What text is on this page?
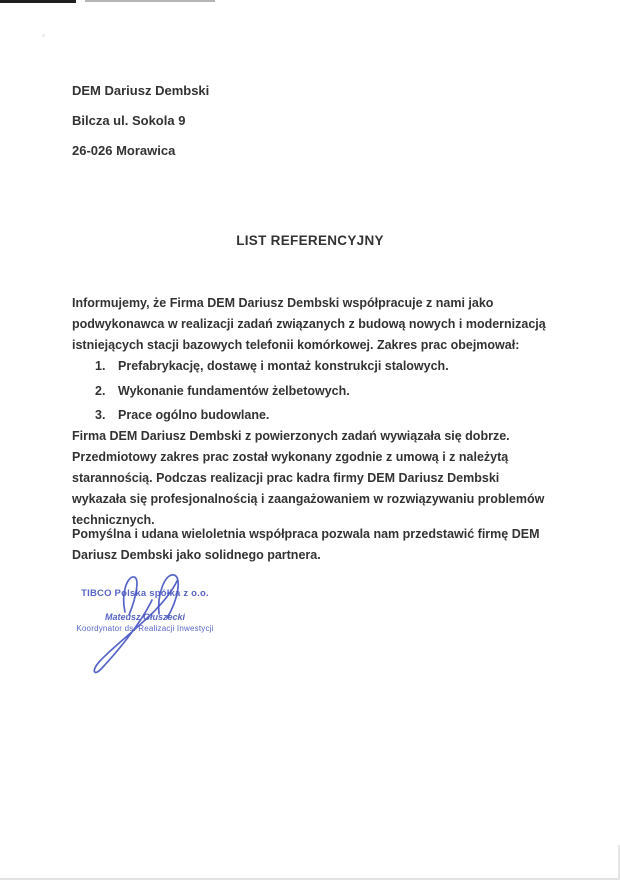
DEM Dariusz Dembski

Bilcza ul. Sokola 9

26-026 Morawica

LIST REFERENCYJNY

Informujemy, że Firma DEM Dariusz Dembski współpracuje z nami jako podwykonawca w realizacji zadań związanych z budową nowych i modernizacją istniejących stacji bazowych telefonii komórkowej. Zakres prac obejmował:

1.	Prefabrykację, dostawę i montaż konstrukcji stalowych.
2.	Wykonanie fundamentów żelbetowych.
3.	Prace ogólno budowlane.

Firma DEM Dariusz Dembski z powierzonych zadań wywiązała się dobrze. Przedmiotowy zakres prac został wykonany zgodnie z umową i z należytą starannością. Podczas realizacji prac kadra firmy DEM Dariusz Dembski wykazała się profesjonalnością i zaangażowaniem w rozwiązywaniu problemów technicznych.

Pomyślna i udana wieloletnia współpraca pozwala nam przedstawić firmę DEM Dariusz Dembski jako solidnego partnera.

TIBCO Polska spółka z o.o.
Mateusz Głuszecki
Koordynator ds. Realizacji Inwestycji
